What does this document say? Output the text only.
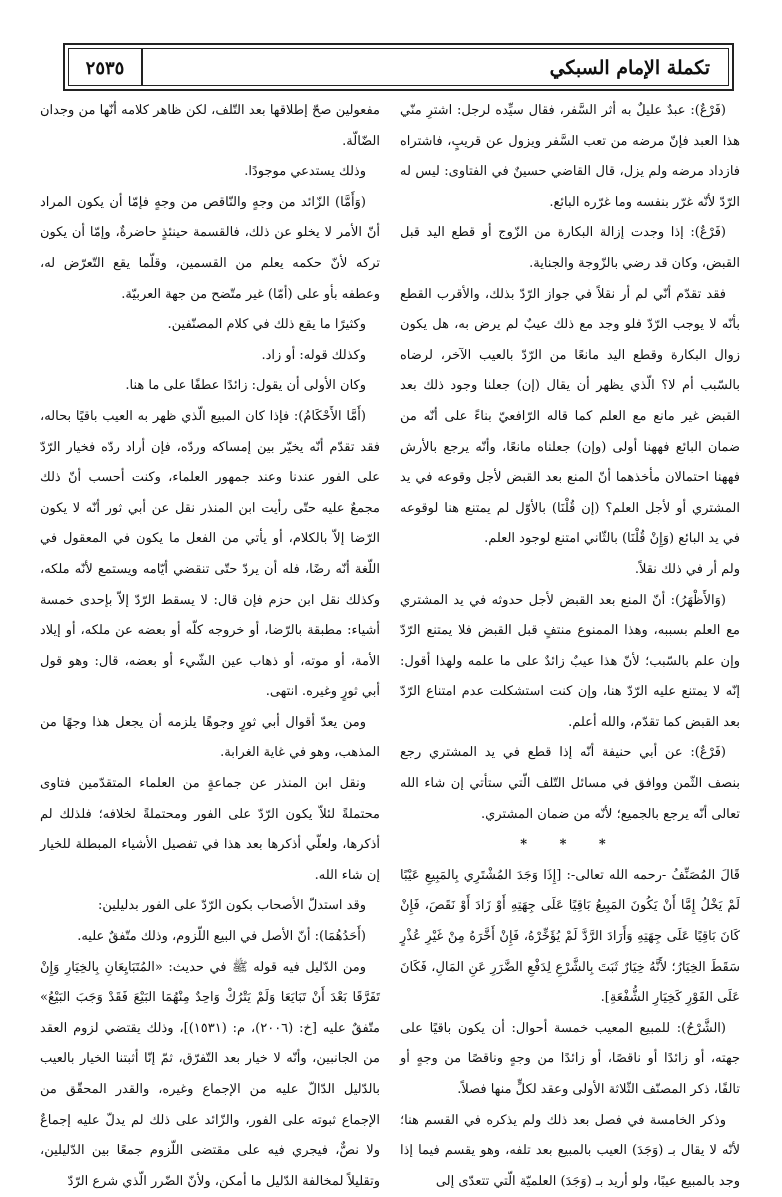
٢٥٣٥	تكملة الإمام السبكي

(فَرْعٌ): عبدٌ عليلٌ به أثر السَّفر، فقال سيِّده لرجل: اشترِ منّي هذا العبد فإنّ مرضه من تعب السَّفر ويزول عن قريبٍ، فاشتراه فازداد مرضه ولم يزل، قال القاضي حسينٌ في الفتاوى: ليس له الرّدّ لأنّه غرّر بنفسه وما غرّره البائع.

(فَرْعٌ): إذا وجدت إزالة البكارة من الزّوج أو قطع اليد قبل القبض، وكان قد رضي بالزّوجة والجناية.

فقد تقدّم أنّي لم أر نقلاً في جواز الرّدّ بذلك، والأقرب القطع بأنّه لا يوجب الرّدّ فلو وجد مع ذلك عيبٌ لم يرض به، هل يكون زوال البكارة وقطع اليد مانعًا من الرّدّ بالعيب الآخر، لرضاه بالسّبب أم لا؟ الّذي يظهر أن يقال (إن) جعلنا وجود ذلك بعد القبض غير مانع مع العلم كما قاله الرّافعيّ بناءً على أنّه من ضمان البائع فههنا أولى (وإن) جعلناه مانعًا، وأنّه يرجع بالأرش فههنا احتمالان مأخذهما أنّ المنع بعد القبض لأجل وقوعه في يد المشتري أو لأجل العلم؟ (إن قُلْنَا) بالأوّل لم يمتنع هنا لوقوعه في يد البائع (وَإِنْ قُلْنَا) بالثّاني امتنع لوجود العلم.

ولم أر في ذلك نقلاً.

(وَالأَظْهَرُ): أنّ المنع بعد القبض لأجل حدوثه في يد المشتري مع العلم بسببه، وهذا الممنوع منتفٍ قبل القبض فلا يمتنع الرّدّ وإن علم بالسّبب؛ لأنّ هذا عيبٌ زائدٌ على ما علمه ولهذا أقول: إنّه لا يمتنع عليه الرّدّ هنا، وإن كنت استشكلت عدم امتناع الرّدّ بعد القبض كما تقدّم، والله أعلم.

(فَرْعٌ): عن أبي حنيفة أنّه إذا قطع في يد المشتري رجع بنصف الثّمن ووافق في مسائل التّلف الّتي ستأتي إن شاء الله تعالى أنّه يرجع بالجميع؛ لأنّه من ضمان المشتري.

* * *

قَالَ المُصَنِّفُ -رحمه الله تعالى-: [إِذَا وَجَدَ المُشْتَرِي بِالمَبِيعِ عَيْبًا لَمْ يَخْلُ إِمَّا أَنْ يَكُونَ المَبِيعُ بَاقِيًا عَلَى جِهَتِهِ أَوْ زَادَ أَوْ نَقَصَ، فَإِنْ كَانَ بَاقِيًا عَلَى جِهَتِهِ وَأَرَادَ الرَّدَّ لَمْ يُؤَخِّرْهُ، فَإِنْ أَخَّرَهُ مِنْ غَيْرِ عُذْرٍ سَقَطَ الخِيَارُ؛ لأَنَّهُ خِيَارٌ ثَبَتَ بِالشَّرْعِ لِدَفْعِ الضَّرَرِ عَنِ المَالِ، فَكَانَ عَلَى الفَوْرِ كَخِيَارِ الشُّفْعَةِ].

(الشَّرْحُ): للمبيع المعيب خمسة أحوال: أن يكون باقيًا على جهته، أو زائدًا أو ناقصًا، أو زائدًا من وجهٍ وناقصًا من وجهٍ أو تالفًا، ذكر المصنّف الثّلاثة الأولى وعقد لكلٍّ منها فصلاً.

وذكر الخامسة في فصل بعد ذلك ولم يذكره في القسم هنا؛ لأنّه لا يقال بـ (وَجَدَ) العيب بالمبيع بعد تلفه، وهو يقسم فيما إذا وجد بالمبيع عيبًا، ولو أريد بـ (وَجَدَ) العلميّة الّتي تتعدّى إلى

مفعولين صحّ إطلاقها بعد التّلف، لكن ظاهر كلامه أنّها من وجدان الضّالّة.

وذلك يستدعي موجودًا.

(وَأَمَّا) الزّائد من وجهٍ والنّاقص من وجهٍ فإمّا أن يكون المراد أنّ الأمر لا يخلو عن ذلك، فالقسمة حينئذٍ حاضرةٌ، وإمّا أن يكون تركه لأنّ حكمه يعلم من القسمين، وقلّما يقع التّعرّض له، وعطفه بأو على (أمّا) غير متّضح من جهة العربيّة.

وكثيرًا ما يقع ذلك في كلام المصنّفين.

وكذلك قوله: أو زاد.

وكان الأولى أن يقول: زائدًا عطفًا على ما هنا.

(أَمَّا الأَحْكَامُ): فإذا كان المبيع الّذي ظهر به العيب باقيًا بحاله، فقد تقدّم أنّه يخيّر بين إمساكه وردّه، فإن أراد ردّه فخيار الرّدّ على الفور عندنا وعند جمهور العلماء، وكنت أحسب أنّ ذلك مجمعٌ عليه حتّى رأيت ابن المنذر نقل عن أبي ثور أنّه لا يكون الرّضا إلاّ بالكلام، أو يأتي من الفعل ما يكون في المعقول في اللّغة أنّه رضًا، فله أن يردّ حتّى تنقضي أيّامه ويستمع لأنّه ملكه، وكذلك نقل ابن حزم فإن قال: لا يسقط الرّدّ إلاّ بإحدى خمسة أشياء: مطبقة بالرّضا، أو خروجه كلّه أو بعضه عن ملكه، أو إيلاد الأمة، أو موته، أو ذهاب عين الشّيء أو بعضه، قال: وهو قول أبي ثورٍ وغيره. انتهى.

ومن يعدّ أقوال أبي ثورٍ وجوهًا يلزمه أن يجعل هذا وجهًا من المذهب، وهو في غاية الغرابة.

ونقل ابن المنذر عن جماعةٍ من العلماء المتقدّمين فتاوى محتملةً لئلاّ يكون الرّدّ على الفور ومحتملةً لخلافه؛ فلذلك لم أذكرها، ولعلّي أذكرها بعد هذا في تفصيل الأشياء المبطلة للخيار إن شاء الله.

وقد استدلّ الأصحاب بكون الرّدّ على الفور بدليلين:

(أَحَدُهُمَا): أنّ الأصل في البيع اللّزوم، وذلك متّفقٌ عليه.

ومن الدّليل فيه قوله ﷺ في حديث: «المُتَبَايِعَانِ بِالخِيَارِ وَإِنْ تَفَرَّقَا بَعْدَ أَنْ تَبَايَعَا وَلَمْ يَتْرُكْ وَاحِدٌ مِنْهُمَا البَيْعَ فَقَدْ وَجَبَ البَيْعُ» متّفقٌ عليه [خ: (٢٠٠٦)، م: (١٥٣١)]، وذلك يقتضي لزوم العقد من الجانبين، وأنّه لا خيار بعد التّفرّق، ثمّ إنّا أثبتنا الخيار بالعيب بالدّليل الدّالّ عليه من الإجماع وغيره، والقدر المحقّق من الإجماع ثبوته على الفور، والزّائد على ذلك لم يدلّ عليه إجماعٌ ولا نصٌّ، فيجري فيه على مقتضى اللّزوم جمعًا بين الدّليلين، وتقليلاً لمخالفة الدّليل ما أمكن، ولأنّ الضّرر الّذي شرع الرّدّ
